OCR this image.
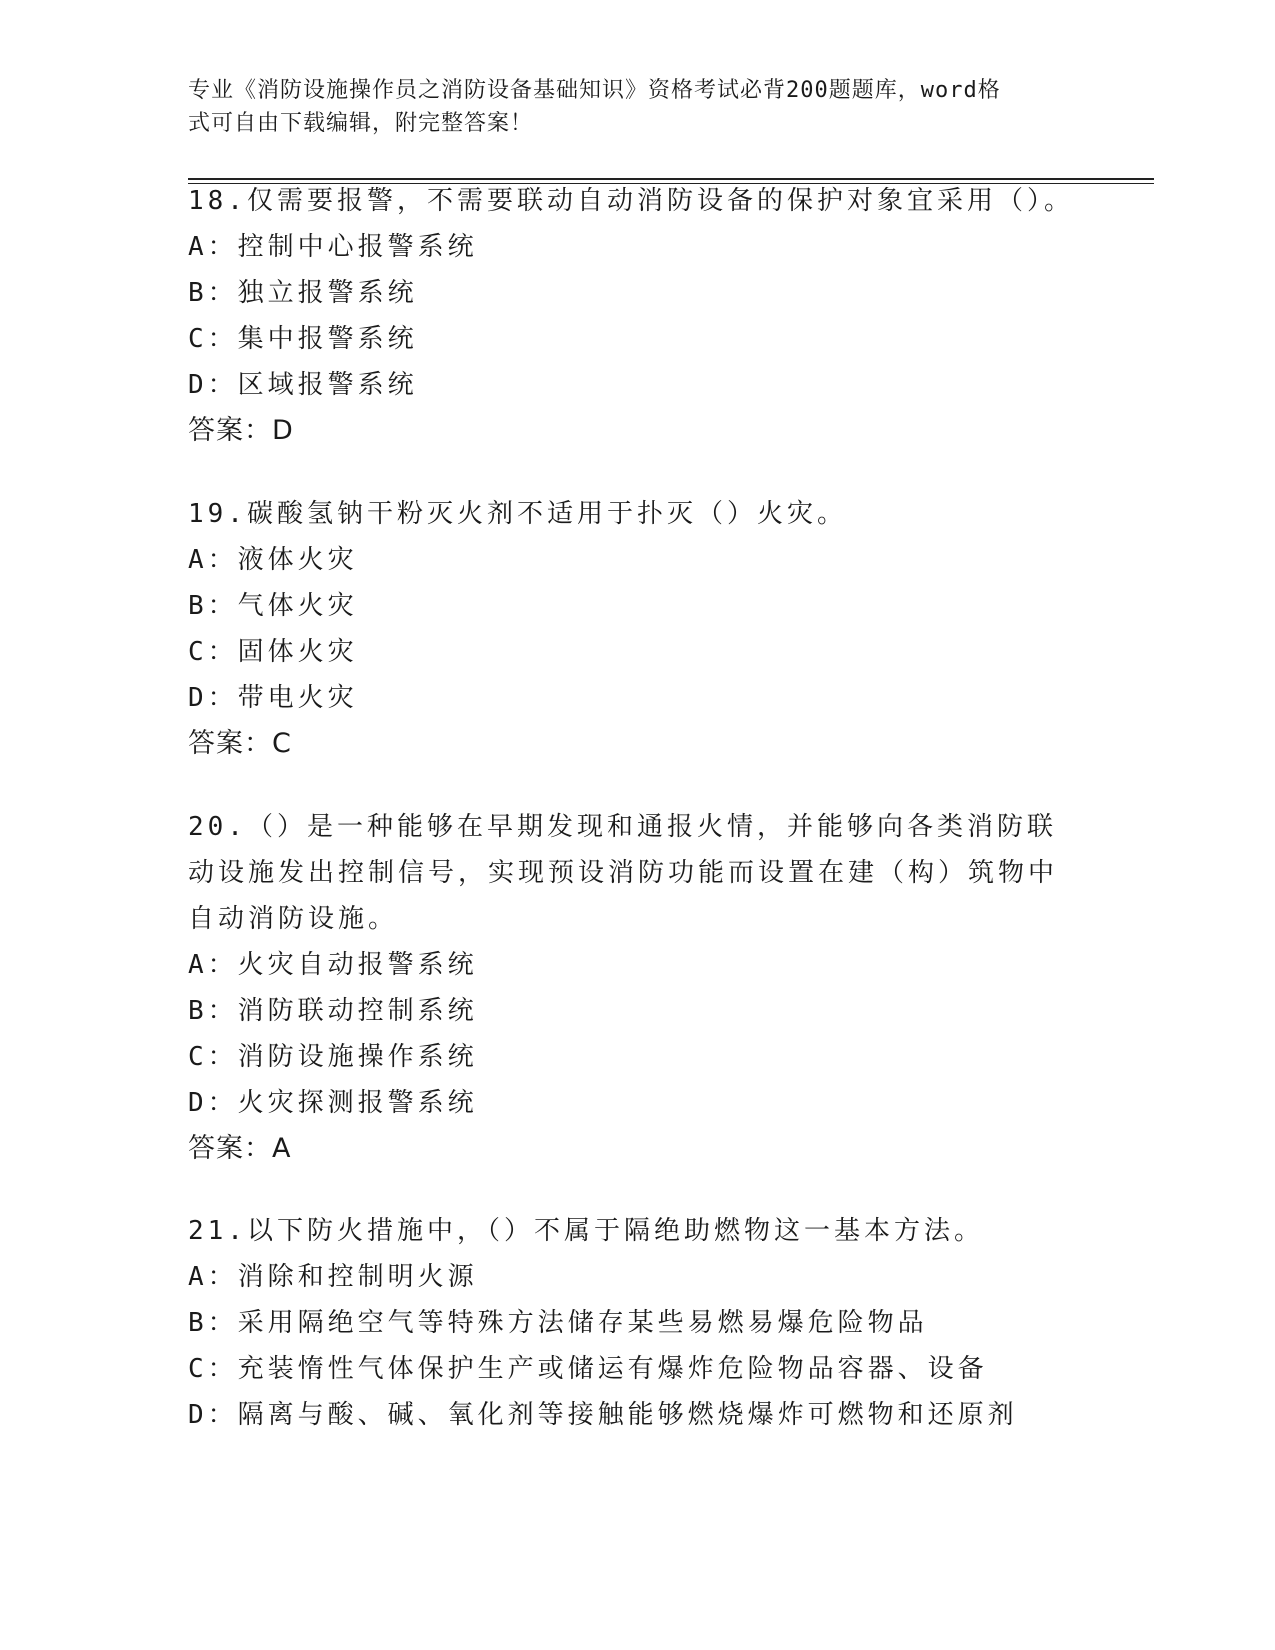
专业《消防设施操作员之消防设备基础知识》资格考试必背200题题库，word格
式可自由下载编辑，附完整答案！

18.仅需要报警，不需要联动自动消防设备的保护对象宜采用（）。

A：控制中心报警系统

B：独立报警系统

C：集中报警系统

D：区域报警系统

答案：D

19.碳酸氢钠干粉灭火剂不适用于扑灭（）火灾。

A：液体火灾

B：气体火灾

C：固体火灾

D：带电火灾

答案：C

20.（）是一种能够在早期发现和通报火情，并能够向各类消防联动设施发出控制信号，实现预设消防功能而设置在建（构）筑物中自动消防设施。

A：火灾自动报警系统

B：消防联动控制系统

C：消防设施操作系统

D：火灾探测报警系统

答案：A

21.以下防火措施中，（）不属于隔绝助燃物这一基本方法。

A：消除和控制明火源

B：采用隔绝空气等特殊方法储存某些易燃易爆危险物品

C：充装惰性气体保护生产或储运有爆炸危险物品容器、设备

D：隔离与酸、碱、氧化剂等接触能够燃烧爆炸可燃物和还原剂
